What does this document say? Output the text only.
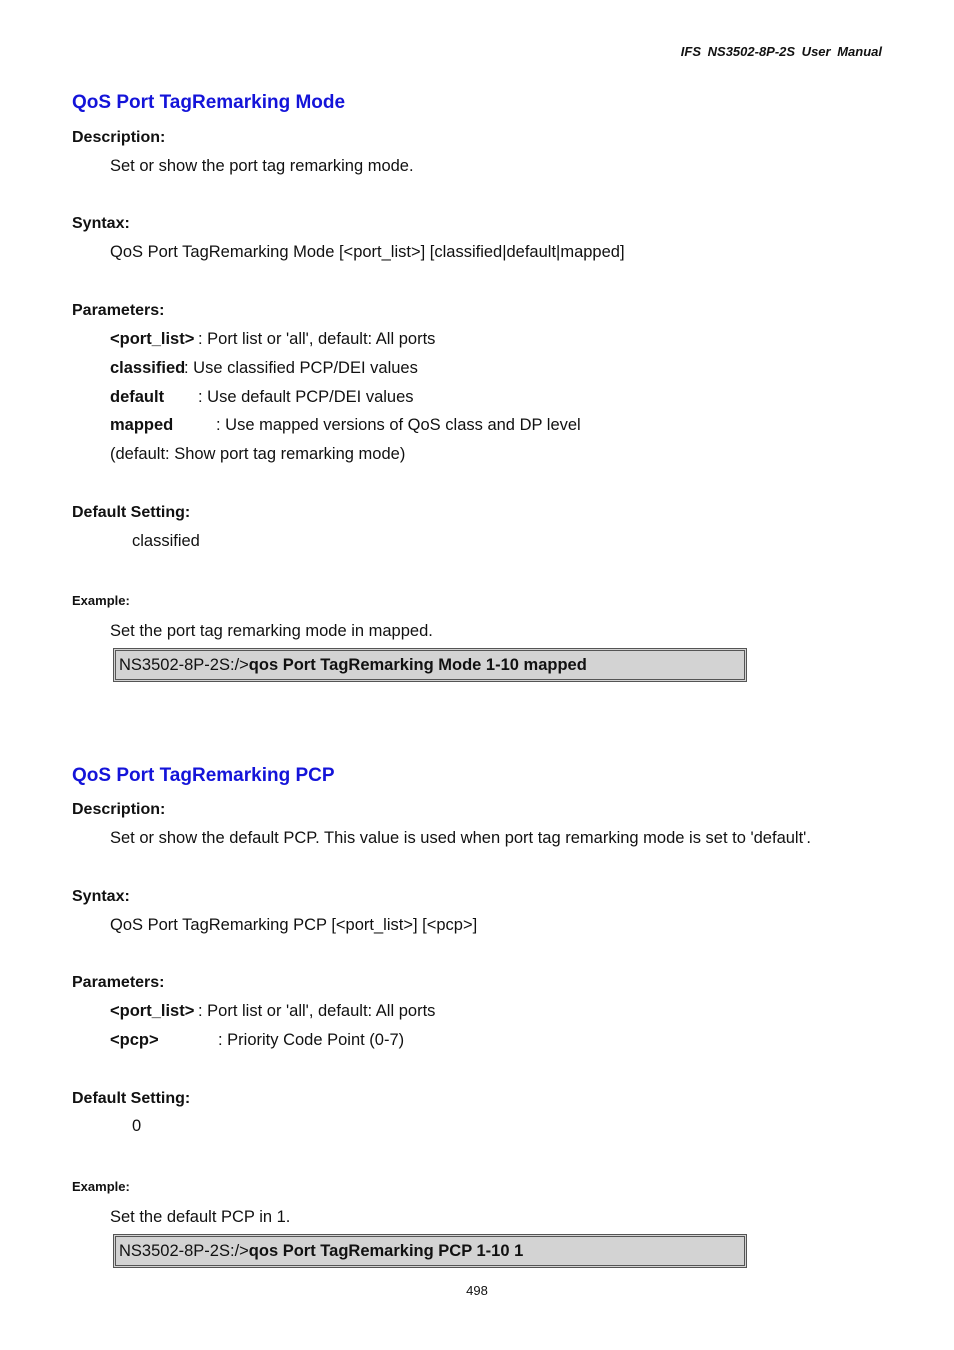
IFS NS3502-8P-2S User Manual
QoS Port TagRemarking Mode
Description:
Set or show the port tag remarking mode.
Syntax:
QoS Port TagRemarking Mode [<port_list>] [classified|default|mapped]
Parameters:
<port_list> : Port list or 'all', default: All ports
classified
: Use classified PCP/DEI values
default : Use default PCP/DEI values
mapped	: Use mapped versions of QoS class and DP level
(default: Show port tag remarking mode)
Default Setting:
classified
Example:
Set the port tag remarking mode in mapped.
NS3502-8P-2S:/>qos Port TagRemarking Mode 1-10 mapped
QoS Port TagRemarking PCP
Description:
Set or show the default PCP. This value is used when port tag remarking mode is set to 'default'.
Syntax:
QoS Port TagRemarking PCP [<port_list>] [<pcp>]
Parameters:
<port_list> : Port list or 'all', default: All ports
<pcp>	: Priority Code Point (0-7)
Default Setting:
0
Example:
Set the default PCP in 1.
NS3502-8P-2S:/>qos Port TagRemarking PCP 1-10 1
498
